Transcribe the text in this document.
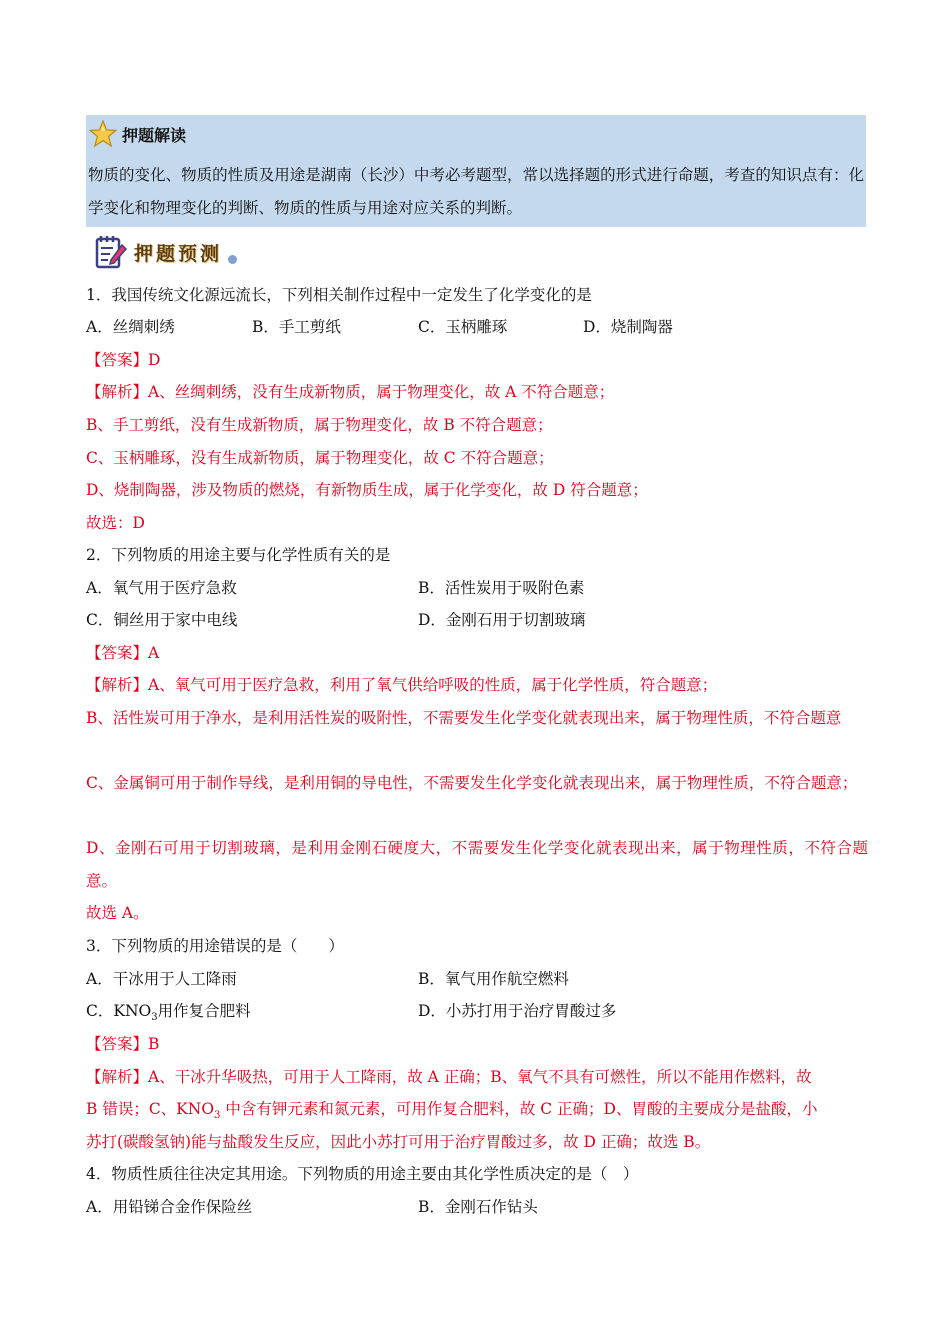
押题解读
物质的变化、物质的性质及用途是湖南（长沙）中考必考题型，常以选择题的形式进行命题，考查的知识点有：化学变化和物理变化的判断、物质的性质与用途对应关系的判断。
押题预测
1．我国传统文化源远流长，下列相关制作过程中一定发生了化学变化的是
A．丝绸刺绣	B．手工剪纸	C．玉柄雕琢	D．烧制陶器
【答案】D
【解析】A、丝绸刺绣，没有生成新物质，属于物理变化，故 A 不符合题意；
B、手工剪纸，没有生成新物质，属于物理变化，故 B 不符合题意；
C、玉柄雕琢，没有生成新物质，属于物理变化，故 C 不符合题意；
D、烧制陶器，涉及物质的燃烧，有新物质生成，属于化学变化，故 D 符合题意；
故选：D
2．下列物质的用途主要与化学性质有关的是
A．氧气用于医疗急救	B．活性炭用于吸附色素
C．铜丝用于家中电线	D．金刚石用于切割玻璃
【答案】A
【解析】A、氧气可用于医疗急救，利用了氧气供给呼吸的性质，属于化学性质，符合题意；
B、活性炭可用于净水，是利用活性炭的吸附性，不需要发生化学变化就表现出来，属于物理性质，不符合题意
C、金属铜可用于制作导线，是利用铜的导电性，不需要发生化学变化就表现出来，属于物理性质，不符合题意；
D、金刚石可用于切割玻璃，是利用金刚石硬度大，不需要发生化学变化就表现出来，属于物理性质，不符合题意。
故选 A。
3．下列物质的用途错误的是（　　）
A．干冰用于人工降雨	B．氧气用作航空燃料
C．$KNO_3$用作复合肥料	D．小苏打用于治疗胃酸过多
【答案】B
【解析】A、干冰升华吸热，可用于人工降雨，故 A 正确；B、氧气不具有可燃性，所以不能用作燃料，故
B 错误；C、$KNO_3$ 中含有钾元素和氮元素，可用作复合肥料，故 C 正确；D、胃酸的主要成分是盐酸，小
苏打(碳酸氢钠)能与盐酸发生反应，因此小苏打可用于治疗胃酸过多，故 D 正确；故选 B。
4．物质性质往往决定其用途。下列物质的用途主要由其化学性质决定的是（　）
A．用铅锑合金作保险丝	B．金刚石作钻头
